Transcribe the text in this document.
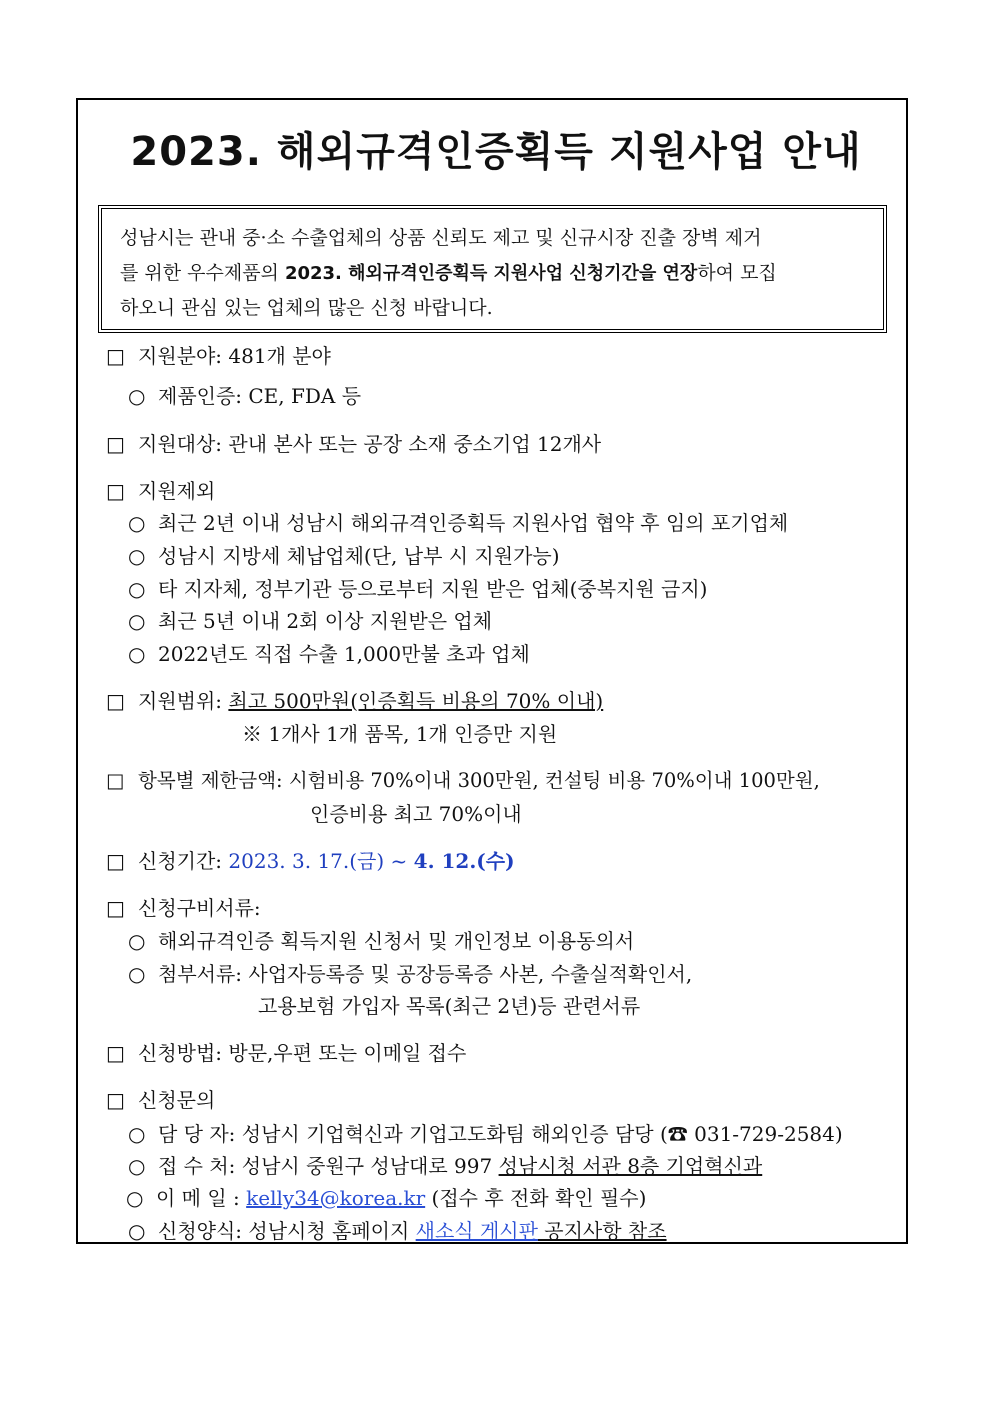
2023. 해외규격인증획득 지원사업 안내
성남시는 관내 중·소 수출업체의 상품 신뢰도 제고 및 신규시장 진출 장벽 제거
를 위한 우수제품의 2023. 해외규격인증획득 지원사업 신청기간을 연장하여 모집
하오니 관심 있는 업체의 많은 신청 바랍니다.
□ 지원분야: 481개 분야
○ 제품인증: CE, FDA 등
□ 지원대상: 관내 본사 또는 공장 소재 중소기업 12개사
□ 지원제외
○ 최근 2년 이내 성남시 해외규격인증획득 지원사업 협약 후 임의 포기업체
○ 성남시 지방세 체납업체(단, 납부 시 지원가능)
○ 타 지자체, 정부기관 등으로부터 지원 받은 업체(중복지원 금지)
○ 최근 5년 이내 2회 이상 지원받은 업체
○ 2022년도 직접 수출 1,000만불 초과 업체
□ 지원범위: 최고 500만원(인증획득 비용의 70% 이내)
※ 1개사 1개 품목, 1개 인증만 지원
□ 항목별 제한금액: 시험비용 70%이내 300만원, 컨설팅 비용 70%이내 100만원,
인증비용 최고 70%이내
□ 신청기간: 2023. 3. 17.(금) ~ 4. 12.(수)
□ 신청구비서류:
○ 해외규격인증 획득지원 신청서 및 개인정보 이용동의서
○ 첨부서류: 사업자등록증 및 공장등록증 사본, 수출실적확인서,
고용보험 가입자 목록(최근 2년)등 관련서류
□ 신청방법: 방문,우편 또는 이메일 접수
□ 신청문의
○ 담 당 자: 성남시 기업혁신과 기업고도화팀 해외인증 담당 (☎ 031-729-2584)
○ 접 수 처: 성남시 중원구 성남대로 997 성남시청 서관 8층 기업혁신과
○ 이 메 일 : kelly34@korea.kr (접수 후 전화 확인 필수)
○ 신청양식: 성남시청 홈페이지 새소식 게시판 공지사항 참조
